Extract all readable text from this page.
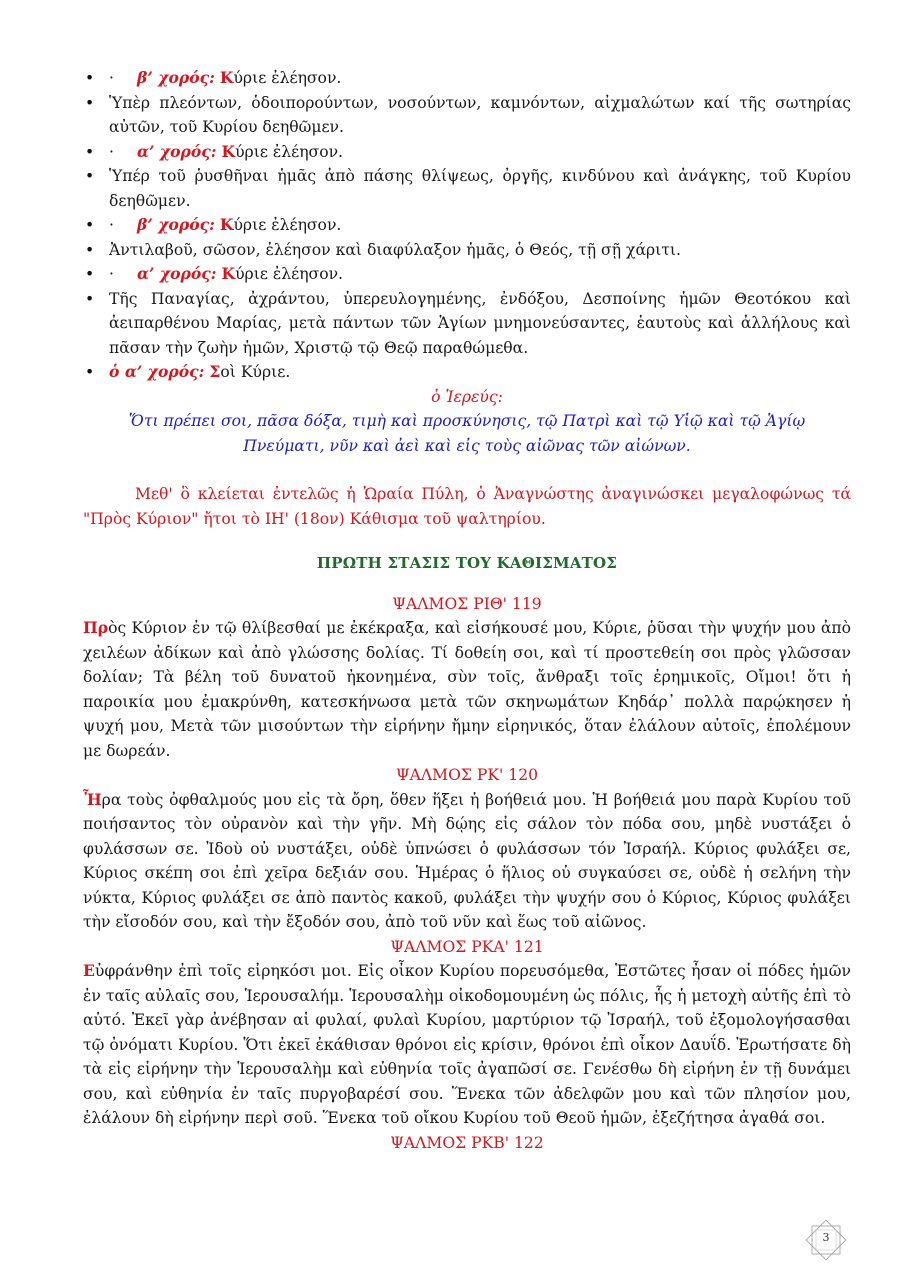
• · β’ χορός: Κύριε ἐλέησον.
• Ὑπὲρ πλεόντων, ὁδοιπορούντων, νοσούντων, καμνόντων, αἰχμαλώτων καί τῆς σωτηρίας αὐτῶν, τοῦ Κυρίου δεηθῶμεν.
• · α’ χορός: Κύριε ἐλέησον.
• Ὑπέρ τοῦ ῥυσθῆναι ἡμᾶς ἀπὸ πάσης θλίψεως, ὀργῆς, κινδύνου καὶ ἀνάγκης, τοῦ Κυρίου δεηθῶμεν.
• · β’ χορός: Κύριε ἐλέησον.
• Ἀντιλαβοῦ, σῶσον, ἐλέησον καὶ διαφύλαξον ἡμᾶς, ὁ Θεός, τῇ σῇ χάριτι.
• · α’ χορός: Κύριε ἐλέησον.
• Τῆς Παναγίας, ἀχράντου, ὑπερευλογημένης, ἐνδόξου, Δεσποίνης ἡμῶν Θεοτόκου καὶ ἀειπαρθένου Μαρίας, μετὰ πάντων τῶν Ἁγίων μνημονεύσαντες, ἑαυτοὺς καὶ ἀλλήλους καὶ πᾶσαν τὴν ζωὴν ἡμῶν, Χριστῷ τῷ Θεῷ παραθώμεθα.
• ὁ α’ χορός: Σοὶ Κύριε.
ὁ Ἱερεύς:
Ὅτι πρέπει σοι, πᾶσα δόξα, τιμὴ καὶ προσκύνησις, τῷ Πατρὶ καὶ τῷ Υἱῷ καὶ τῷ Ἁγίῳ
Πνεύματι, νῦν καὶ ἀεὶ καὶ εἰς τοὺς αἰῶνας τῶν αἰώνων.
Μεθ' ὃ κλείεται ἐντελῶς ἡ Ὡραία Πύλη, ὁ Ἀναγνώστης ἀναγινώσκει μεγαλοφώνως τά "Πρὸς Κύριον" ἤτοι τὸ ΙΗ' (18ον) Κάθισμα τοῦ ψαλτηρίου.
ΠΡΩΤΗ ΣΤΑΣΙΣ ΤΟΥ ΚΑΘΙΣΜΑΤΟΣ
ΨΑΛΜΟΣ ΡΙΘ' 119
Πρὸς Κύριον ἐν τῷ θλίβεσθαί με ἐκέκραξα, καὶ εἰσήκουσέ μου, Κύριε, ῥῦσαι τὴν ψυχήν μου ἀπὸ χειλέων ἀδίκων καὶ ἀπὸ γλώσσης δολίας. Τί δοθείη σοι, καὶ τί προστεθείη σοι πρὸς γλῶσσαν δολίαν; Τὰ βέλη τοῦ δυνατοῦ ἠκονημένα, σὺν τοῖς, ἄνθραξι τοῖς ἐρημικοῖς, Οἴμοι! ὅτι ἡ παροικία μου ἐμακρύνθη, κατεσκήνωσα μετὰ τῶν σκηνωμάτων Κηδάρ᾽ πολλὰ παρῴκησεν ἡ ψυχή μου, Μετὰ τῶν μισούντων τὴν εἰρήνην ἤμην εἰρηνικός, ὅταν ἐλάλουν αὐτοῖς, ἐπολέμουν με δωρεάν.
ΨΑΛΜΟΣ ΡΚ' 120
Ἦρα τοὺς ὀφθαλμούς μου εἰς τὰ ὄρη, ὅθεν ἥξει ἡ βοήθειά μου. Ἡ βοήθειά μου παρὰ Κυρίου τοῦ ποιήσαντος τὸν οὐρανὸν καὶ τὴν γῆν. Μὴ δῴης εἰς σάλον τὸν πόδα σου, μηδὲ νυστάξει ὁ φυλάσσων σε. Ἰδοὺ οὐ νυστάξει, οὐδὲ ὑπνώσει ὁ φυλάσσων τόν Ἰσραήλ. Κύριος φυλάξει σε, Κύριος σκέπη σοι ἐπὶ χεῖρα δεξιάν σου. Ἡμέρας ὁ ἥλιος οὐ συγκαύσει σε, οὐδὲ ἡ σελήνη τὴν νύκτα, Κύριος φυλάξει σε ἀπὸ παντὸς κακοῦ, φυλάξει τὴν ψυχήν σου ὁ Κύριος, Κύριος φυλάξει τὴν εἴσοδόν σου, καὶ τὴν ἔξοδόν σου, ἀπὸ τοῦ νῦν καὶ ἕως τοῦ αἰῶνος.
ΨΑΛΜΟΣ ΡΚΑ' 121
Εὐφράνθην ἐπὶ τοῖς εἰρηκόσι μοι. Εἰς οἶκον Κυρίου πορευσόμεθα, Ἑστῶτες ἦσαν οἱ πόδες ἡμῶν ἐν ταῖς αὐλαῖς σου, Ἱερουσαλήμ. Ἱερουσαλὴμ οἰκοδομουμένη ὡς πόλις, ἧς ἡ μετοχὴ αὐτῆς ἐπὶ τὸ αὐτό. Ἐκεῖ γὰρ ἀνέβησαν αἱ φυλαί, φυλαὶ Κυρίου, μαρτύριον τῷ Ἰσραήλ, τοῦ ἐξομολογήσασθαι τῷ ὀνόματι Κυρίου. Ὅτι ἐκεῖ ἐκάθισαν θρόνοι εἰς κρίσιν, θρόνοι ἐπὶ οἶκον Δαυΐδ. Ἐρωτήσατε δὴ τὰ εἰς εἰρήνην τὴν Ἱερουσαλὴμ καὶ εὐθηνία τοῖς ἀγαπῶσί σε. Γενέσθω δὴ εἰρήνη ἐν τῇ δυνάμει σου, καὶ εὐθηνία ἐν ταῖς πυργοβαρέσί σου. Ἕνεκα τῶν ἀδελφῶν μου καὶ τῶν πλησίον μου, ἐλάλουν δὴ εἰρήνην περὶ σοῦ. Ἕνεκα τοῦ οἴκου Κυρίου τοῦ Θεοῦ ἡμῶν, ἐξεζήτησα ἀγαθά σοι.
ΨΑΛΜΟΣ ΡΚΒ' 122
3
